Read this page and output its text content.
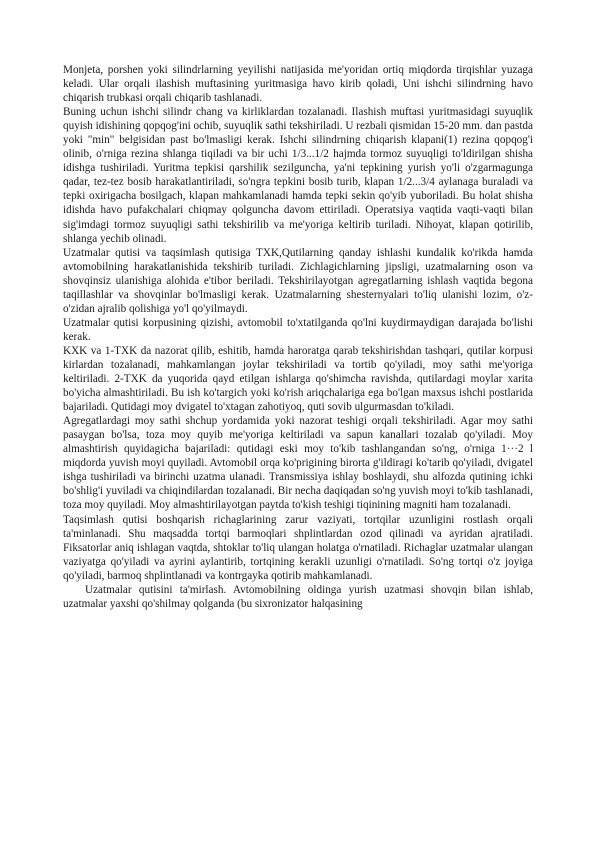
Monjeta, porshen yoki silindrlarning yeyilishi natijasida me'yoridan ortiq miqdorda tirqishlar yuzaga keladi. Ular orqali ilashish muftasining yuritmasiga havo kirib qoladi, Uni ishchi silindrning havo chiqarish trubkasi orqali chiqarib tashlanadi.

Buning uchun ishchi silindr chang va kirliklardan tozalanadi. Ilashish muftasi yuritmasidagi suyuqlik quyish idishining qopqog'ini ochib, suyuqlik sathi tekshiriladi. U rezbali qismidan 15-20 mm. dan pastda yoki "min" belgisidan past bo'lmasligi kerak. Ishchi silindrning chiqarish klapani(1) rezina qopqog'i olinib, o'rniga rezina shlanga tiqiladi va bir uchi 1/3...1/2 hajmda tormoz suyuqligi to'ldirilgan shisha idishga tushiriladi. Yuritma tepkisi qarshilik sezilguncha, ya'ni tepkining yurish yo'li o'zgarmagunga qadar, tez-tez bosib harakatlantiriladi, so'ngra tepkini bosib turib, klapan 1/2...3/4 aylanaga buraladi va tepki oxirigacha bosilgach, klapan mahkamlanadi hamda tepki sekin qo'yib yuboriladi. Bu holat shisha idishda havo pufakchalari chiqmay qolguncha davom ettiriladi. Operatsiya vaqtida vaqti-vaqti bilan sig'imdagi tormoz suyuqligi sathi tekshirilib va me'yoriga keltirib turiladi. Nihoyat, klapan qotirilib, shlanga yechib olinadi.

Uzatmalar qutisi va taqsimlash qutisiga TXK,Qutilarning qanday ishlashi kundalik ko'rikda hamda avtomobilning harakatlanishida tekshirib turiladi. Zichlagichlarning jipsligi, uzatmalarning oson va shovqinsiz ulanishiga alohida e'tibor beriladi. Tekshirilayotgan agregatlarning ishlash vaqtida begona taqillashlar va shovqinlar bo'lmasligi kerak. Uzatmalarning shesternyalari to'liq ulanishi lozim, o'z-o'zidan ajralib qolishiga yo'l qo'yilmaydi.

Uzatmalar qutisi korpusining qizishi, avtomobil to'xtatilganda qo'lni kuydirmaydigan darajada bo'lishi kerak.

KXK va 1-TXK da nazorat qilib, eshitib, hamda haroratga qarab tekshirishdan tashqari, qutilar korpusi kirlardan tozalanadi, mahkamlangan joylar tekshiriladi va tortib qo'yiladi, moy sathi me'yoriga keltiriladi. 2-TXK da yuqorida qayd etilgan ishlarga qo'shimcha ravishda, qutilardagi moylar xarita bo'yicha almashtiriladi. Bu ish ko'targich yoki ko'rish ariqchalariga ega bo'lgan maxsus ishchi postlarida bajariladi. Qutidagi moy dvigatel to'xtagan zahotiyoq, quti sovib ulgurmasdan to'kiladi.

Agregatlardagi moy sathi shchup yordamida yoki nazorat teshigi orqali tekshiriladi. Agar moy sathi pasaygan bo'lsa, toza moy quyib me'yoriga keltiriladi va sapun kanallari tozalab qo'yiladi. Moy almashtirish quyidagicha bajariladi: qutidagi eski moy to'kib tashlangandan so'ng, o'rniga 1···2 l miqdorda yuvish moyi quyiladi. Avtomobil orqa ko'prigining birorta g'ildiragi ko'tarib qo'yiladi, dvigatel ishga tushiriladi va birinchi uzatma ulanadi. Transmissiya ishlay boshlaydi, shu alfozda qutining ichki bo'shlig'i yuviladi va chiqindilardan tozalanadi. Bir necha daqiqadan so'ng yuvish moyi to'kib tashlanadi, toza moy quyiladi. Moy almashtirilayotgan paytda to'kish teshigi tiqinining magniti ham tozalanadi.

Taqsimlash qutisi boshqarish richaglarining zarur vaziyati, tortqilar uzunligini rostlash orqali ta'minlanadi. Shu maqsadda tortqi barmoqlari shplintlardan ozod qilinadi va ayridan ajratiladi. Fiksatorlar aniq ishlagan vaqtda, shtoklar to'liq ulangan holatga o'rnatiladi. Richaglar uzatmalar ulangan vaziyatga qo'yiladi va ayrini aylantirib, tortqining kerakli uzunligi o'rnatiladi. So'ng tortqi o'z joyiga qo'yiladi, barmoq shplintlanadi va kontrgayka qotirib mahkamlanadi.

Uzatmalar qutisini ta'mirlash. Avtomobilning oldinga yurish uzatmasi shovqin bilan ishlab, uzatmalar yaxshi qo'shilmay qolganda (bu sixronizator halqasining
